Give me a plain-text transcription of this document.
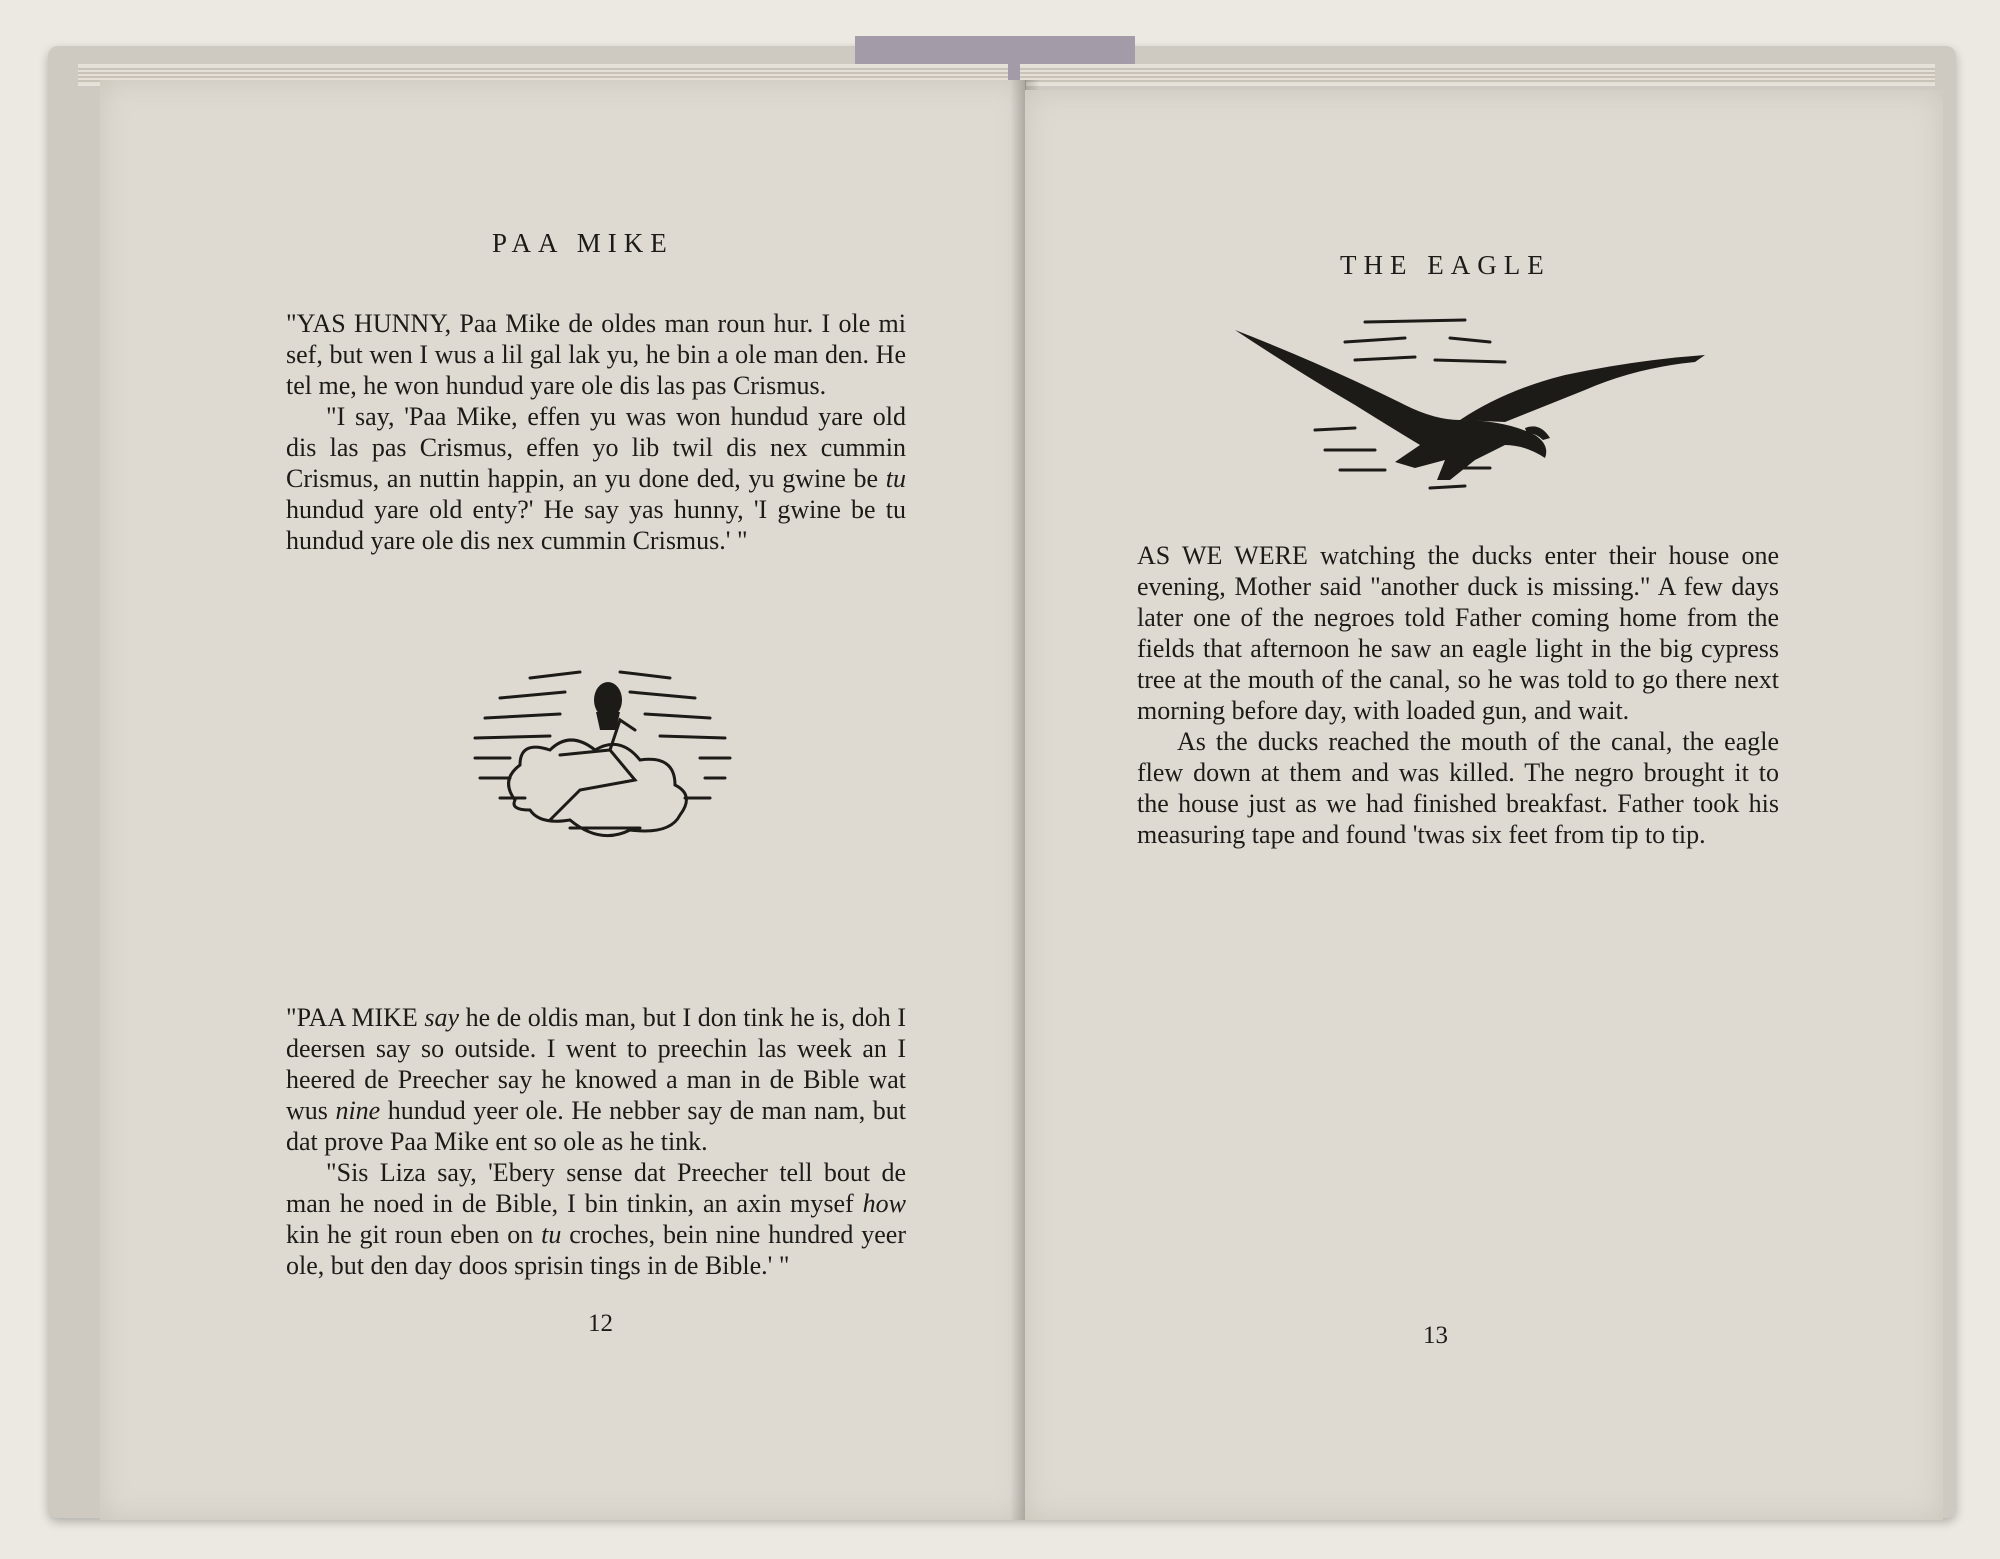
PAA MIKE

"YAS HUNNY, Paa Mike de oldes man roun hur. I ole mi sef, but wen I wus a lil gal lak yu, he bin a ole man den. He tel me, he won hundud yare ole dis las pas Crismus.

"I say, 'Paa Mike, effen yu was won hundud yare old dis las pas Crismus, effen yo lib twil dis nex cummin Crismus, an nuttin happin, an yu done ded, yu gwine be tu hundud yare old enty?' He say yas hunny, 'I gwine be tu hundud yare ole dis nex cummin Crismus.' "

"PAA MIKE say he de oldis man, but I don tink he is, doh I deersen say so outside. I went to preechin las week an I heered de Preecher say he knowed a man in de Bible wat wus nine hundud yeer ole. He nebber say de man nam, but dat prove Paa Mike ent so ole as he tink.

"Sis Liza say, 'Ebery sense dat Preecher tell bout de man he noed in de Bible, I bin tinkin, an axin mysef how kin he git roun eben on tu croches, bein nine hundred yeer ole, but den day doos sprisin tings in de Bible.' "

12
THE EAGLE

AS WE WERE watching the ducks enter their house one evening, Mother said "another duck is missing." A few days later one of the negroes told Father coming home from the fields that afternoon he saw an eagle light in the big cypress tree at the mouth of the canal, so he was told to go there next morning before day, with loaded gun, and wait.

As the ducks reached the mouth of the canal, the eagle flew down at them and was killed. The negro brought it to the house just as we had finished breakfast. Father took his measuring tape and found 'twas six feet from tip to tip.

13
